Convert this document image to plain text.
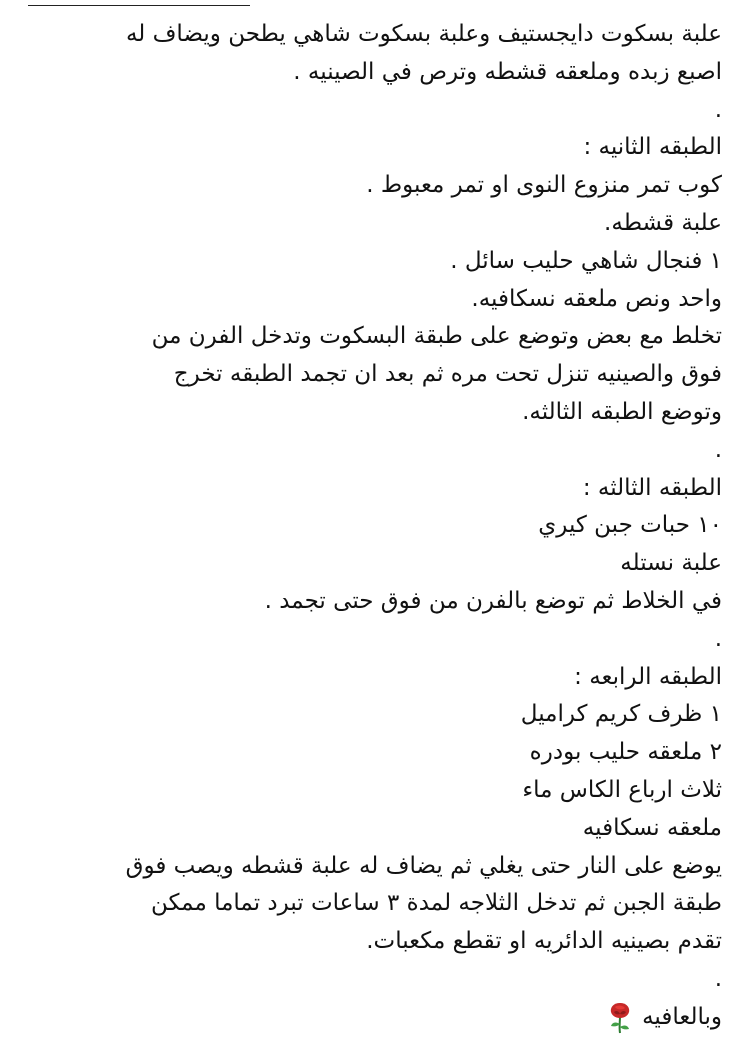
علبة بسكوت دايجستيف وعلبة بسكوت شاهي يطحن ويضاف له
اصبع زبده وملعقه قشطه وترص في الصينيه .
.
الطبقه الثانيه :
كوب تمر منزوع النوى او تمر معبوط .
علبة قشطه.
١ فنجال شاهي حليب سائل .
واحد ونص ملعقه نسكافيه.
تخلط مع بعض وتوضع على طبقة البسكوت وتدخل الفرن من
فوق والصينيه تنزل تحت مره ثم بعد ان تجمد الطبقه تخرج
وتوضع الطبقه الثالثه.
.
الطبقه الثالثه :
١٠ حبات جبن كيري
علبة نستله
في الخلاط ثم توضع بالفرن من فوق حتى تجمد .
.
الطبقه الرابعه :
١ ظرف كريم كراميل
٢ ملعقه حليب بودره
ثلاث ارباع الكاس ماء
ملعقه نسكافيه
يوضع على النار حتى يغلي ثم يضاف له علبة قشطه ويصب فوق
طبقة الجبن ثم تدخل الثلاجه لمدة ٣ ساعات تبرد تماما ممكن
تقدم بصينيه الدائريه او تقطع مكعبات.
.
وبالعافيه
